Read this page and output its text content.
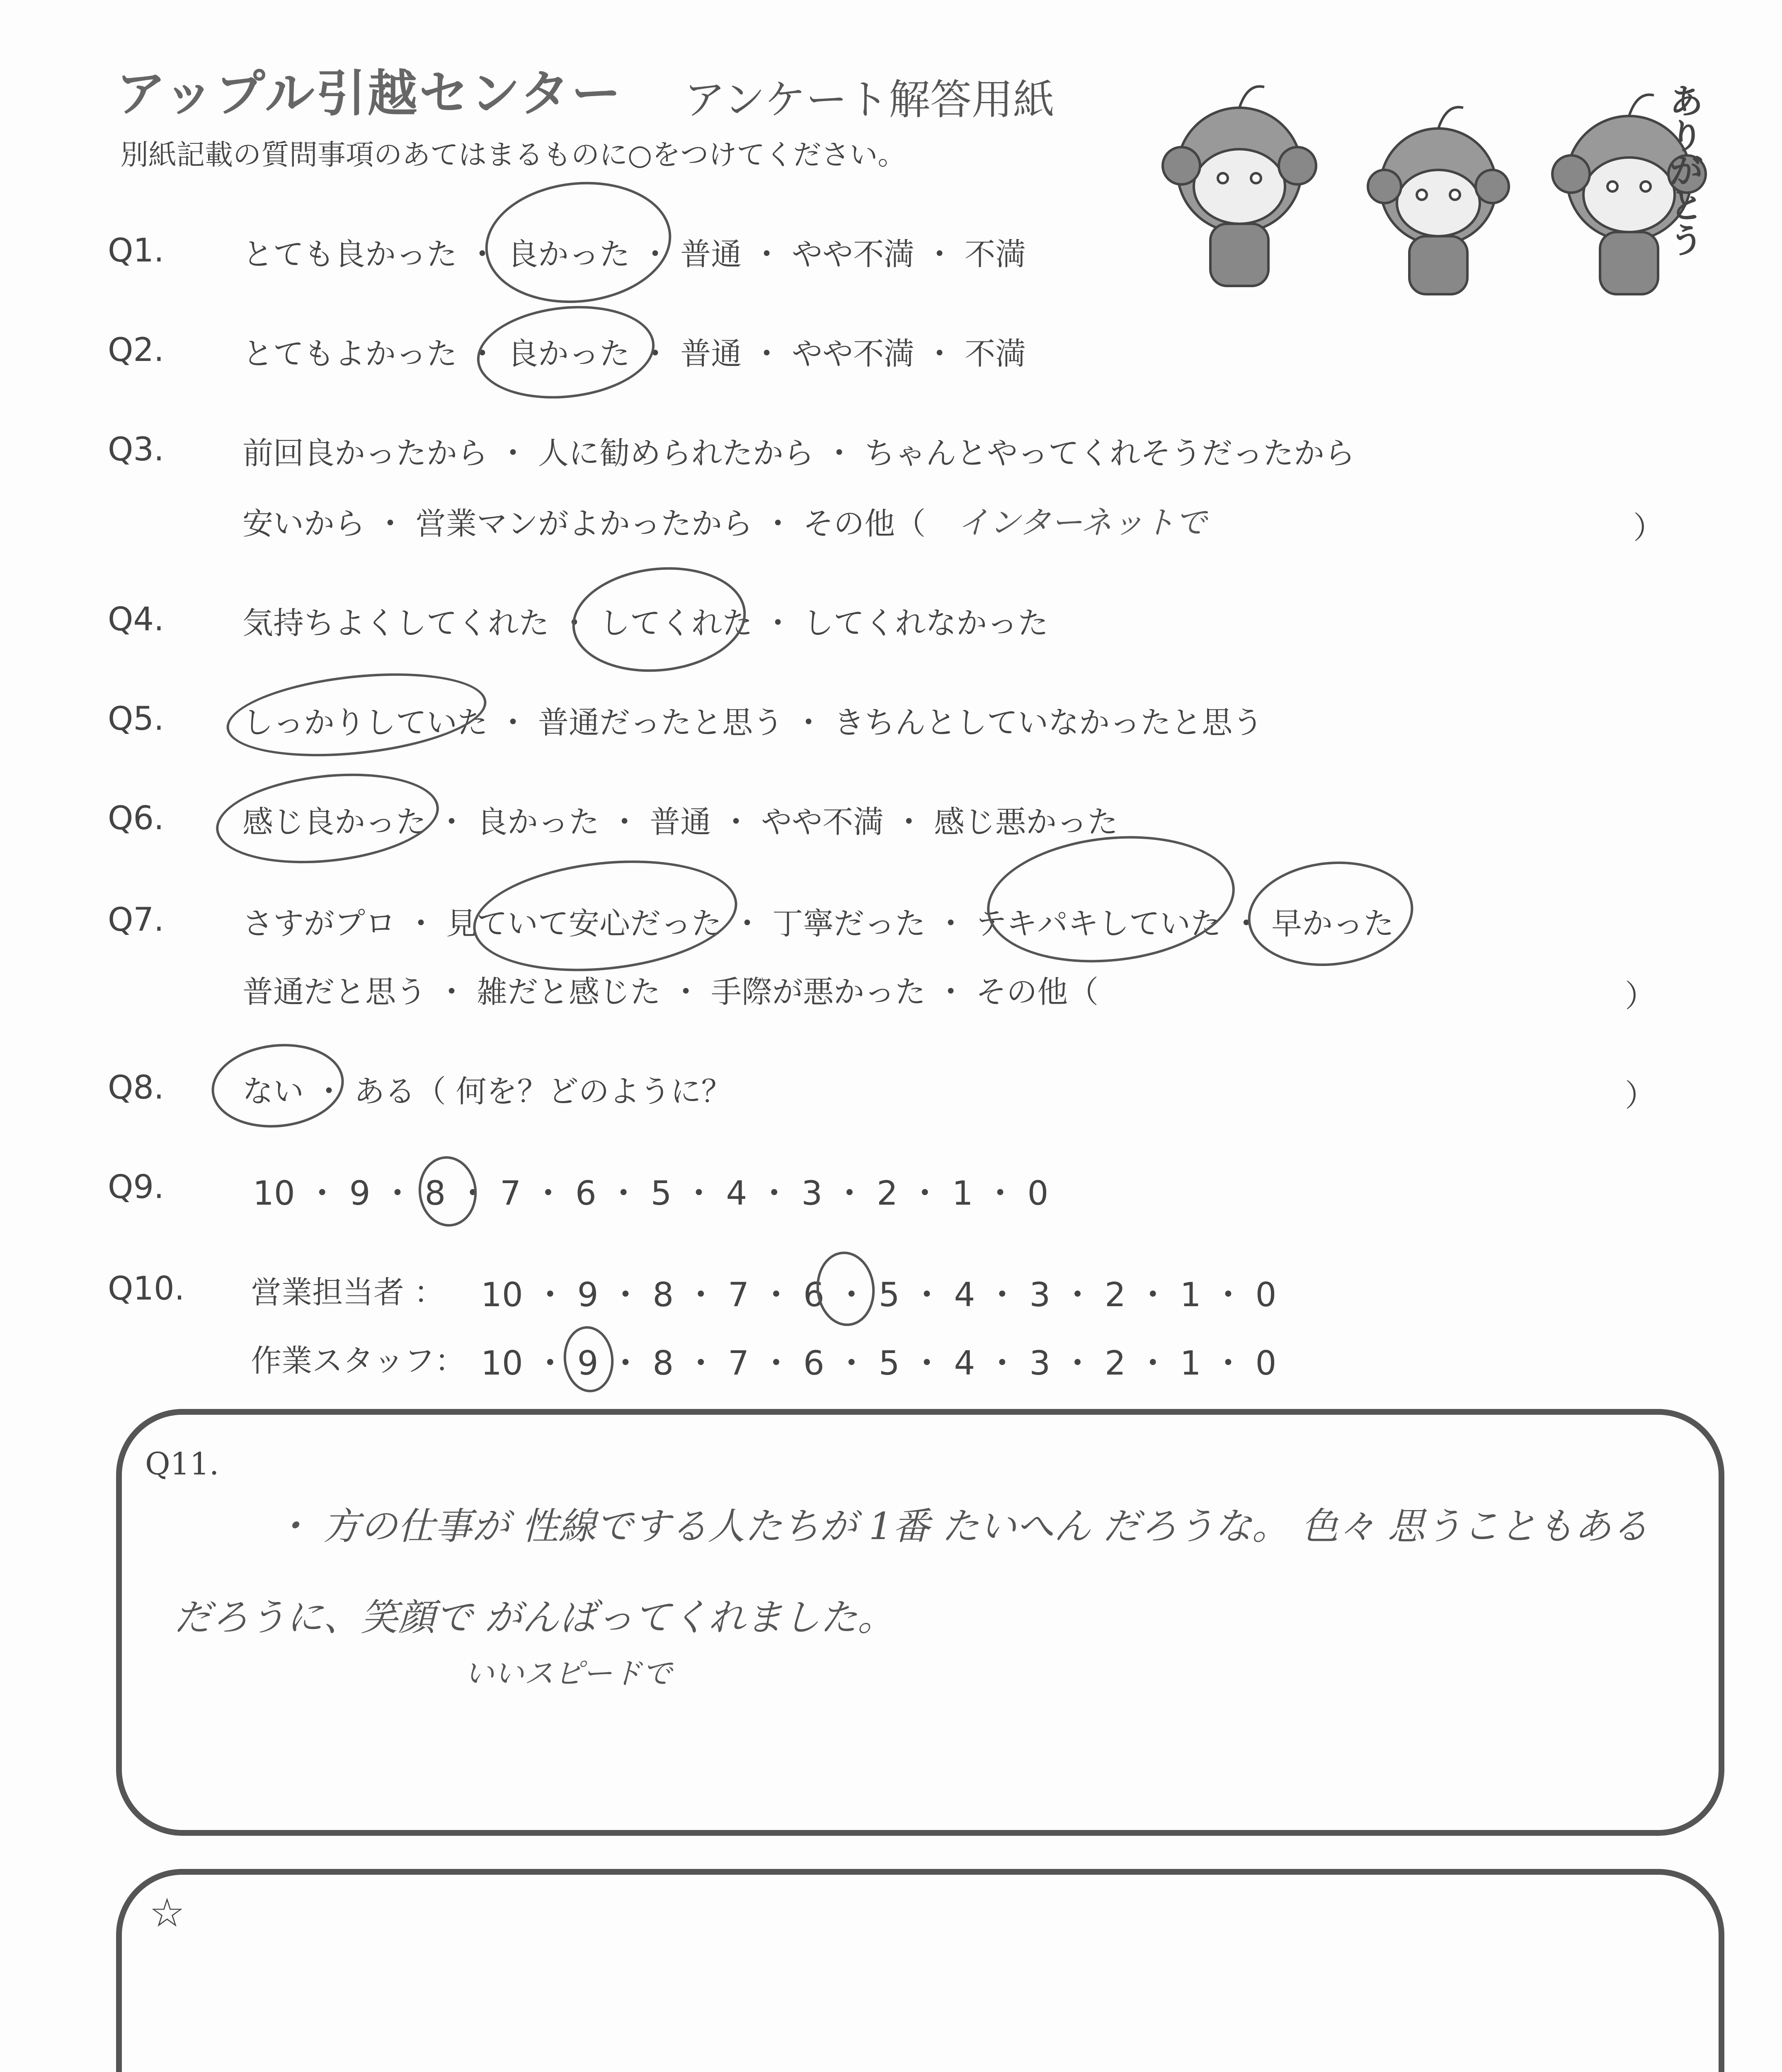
アップル引越センター アンケート解答用紙
別紙記載の質問事項のあてはまるものに○をつけてください。	ありがとう
Q1.	とても良かった ・ 良かった ・ 普通 ・ やや不満 ・ 不満
Q2.	とてもよかった ・ 良かった ・ 普通 ・ やや不満 ・ 不満
Q3.	前回良かったから ・ 人に勧められたから ・ ちゃんとやってくれそうだったから
安いから ・ 営業マンがよかったから ・ その他（ インターネットで	）
Q4.	気持ちよくしてくれた ・ してくれた ・ してくれなかった
Q5.	しっかりしていた ・ 普通だったと思う ・ きちんとしていなかったと思う
Q6.	感じ良かった ・ 良かった ・ 普通 ・ やや不満 ・ 感じ悪かった
Q7.	さすがプロ ・ 見ていて安心だった ・ 丁寧だった ・ テキパキしていた ・ 早かった
普通だと思う ・ 雑だと感じた ・ 手際が悪かった ・ その他（	）
Q8.	ない ・ ある（ 何を？どのように？	）
Q9.	10 ・ 9 ・ 8 ・ 7 ・ 6 ・ 5 ・ 4 ・ 3 ・ 2 ・ 1 ・ 0
Q10. 営業担当者 ： 10 ・ 9 ・ 8 ・ 7 ・ 6 ・ 5 ・ 4 ・ 3 ・ 2 ・ 1 ・ 0
作業スタッフ： 10 ・ 9 ・ 8 ・ 7 ・ 6 ・ 5 ・ 4 ・ 3 ・ 2 ・ 1 ・ 0
Q11.
・ 方の仕事が 性線でする人たちが 1番 たいへん だろうな。 色々 思うこともある
だろうに、笑顔で がんばってくれました。
いいスピードで
☆
